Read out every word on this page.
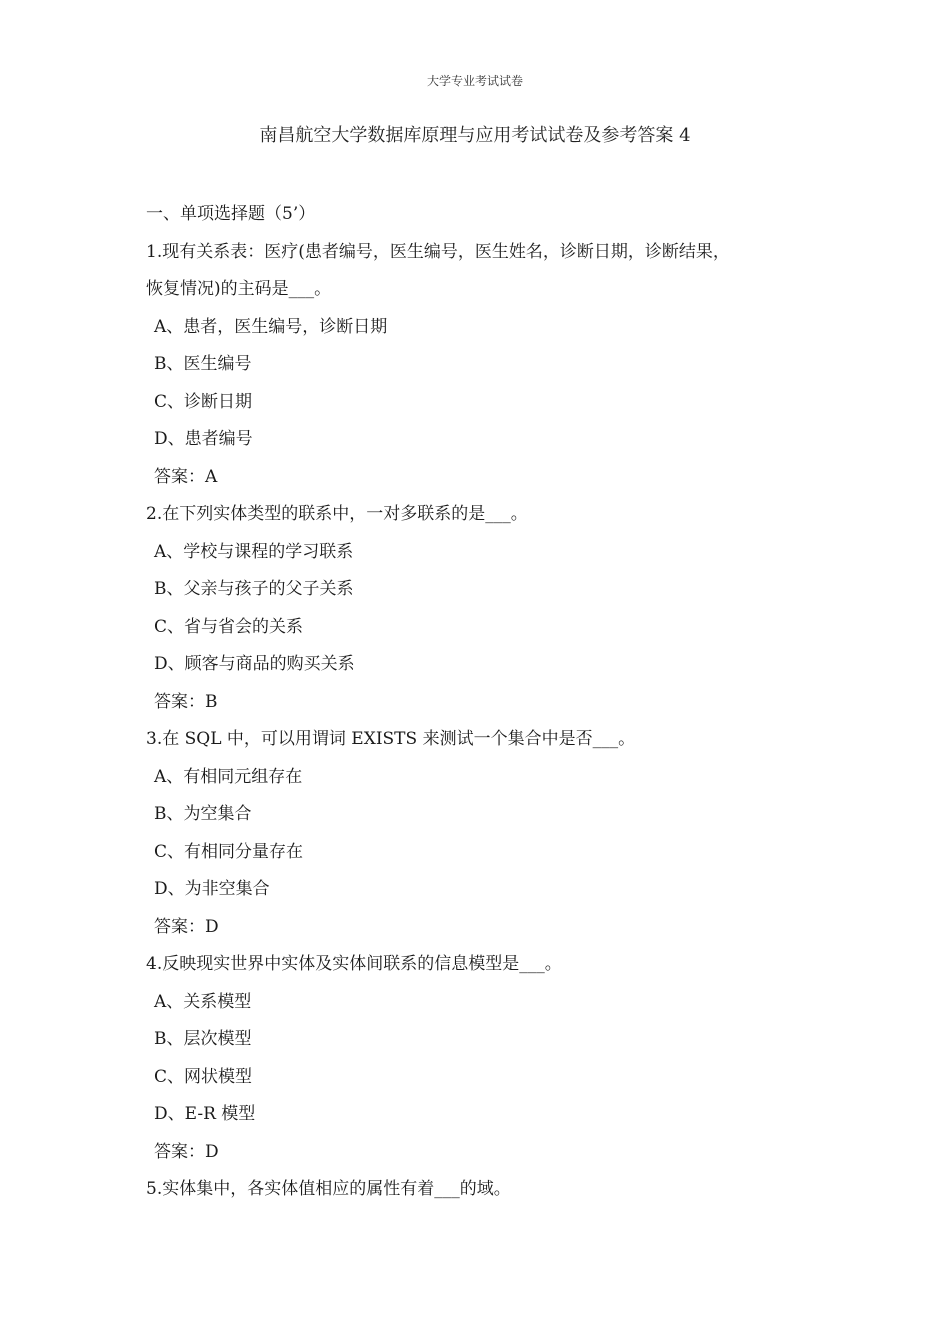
大学专业考试试卷
南昌航空大学数据库原理与应用考试试卷及参考答案 4
一、单项选择题（5’）
1.现有关系表：医疗(患者编号，医生编号，医生姓名，诊断日期，诊断结果，
恢复情况)的主码是___。
A、患者，医生编号，诊断日期
B、医生编号
C、诊断日期
D、患者编号
答案：A
2.在下列实体类型的联系中，一对多联系的是___。
A、学校与课程的学习联系
B、父亲与孩子的父子关系
C、省与省会的关系
D、顾客与商品的购买关系
答案：B
3.在 SQL 中，可以用谓词 EXISTS 来测试一个集合中是否___。
A、有相同元组存在
B、为空集合
C、有相同分量存在
D、为非空集合
答案：D
4.反映现实世界中实体及实体间联系的信息模型是___。
A、关系模型
B、层次模型
C、网状模型
D、E-R 模型
答案：D
5.实体集中，各实体值相应的属性有着___的域。
